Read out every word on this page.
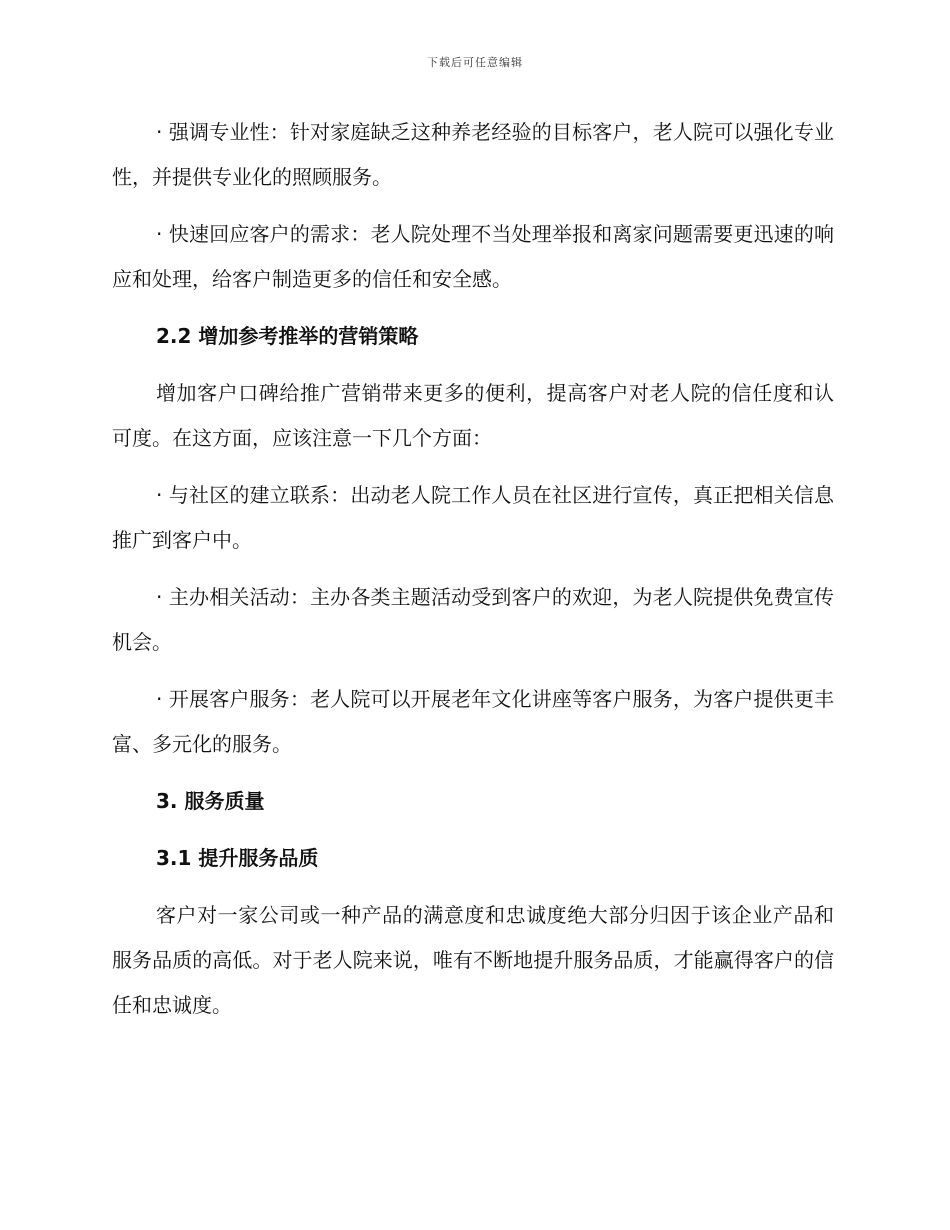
下载后可任意编辑

· 强调专业性：针对家庭缺乏这种养老经验的目标客户，老人院可以强化专业性，并提供专业化的照顾服务。

· 快速回应客户的需求：老人院处理不当处理举报和离家问题需要更迅速的响应和处理，给客户制造更多的信任和安全感。

2.2 增加参考推举的营销策略

增加客户口碑给推广营销带来更多的便利，提高客户对老人院的信任度和认可度。在这方面，应该注意一下几个方面：

· 与社区的建立联系：出动老人院工作人员在社区进行宣传，真正把相关信息推广到客户中。

· 主办相关活动：主办各类主题活动受到客户的欢迎，为老人院提供免费宣传机会。

· 开展客户服务：老人院可以开展老年文化讲座等客户服务，为客户提供更丰富、多元化的服务。

3. 服务质量

3.1 提升服务品质

客户对一家公司或一种产品的满意度和忠诚度绝大部分归因于该企业产品和服务品质的高低。对于老人院来说，唯有不断地提升服务品质，才能赢得客户的信任和忠诚度。
